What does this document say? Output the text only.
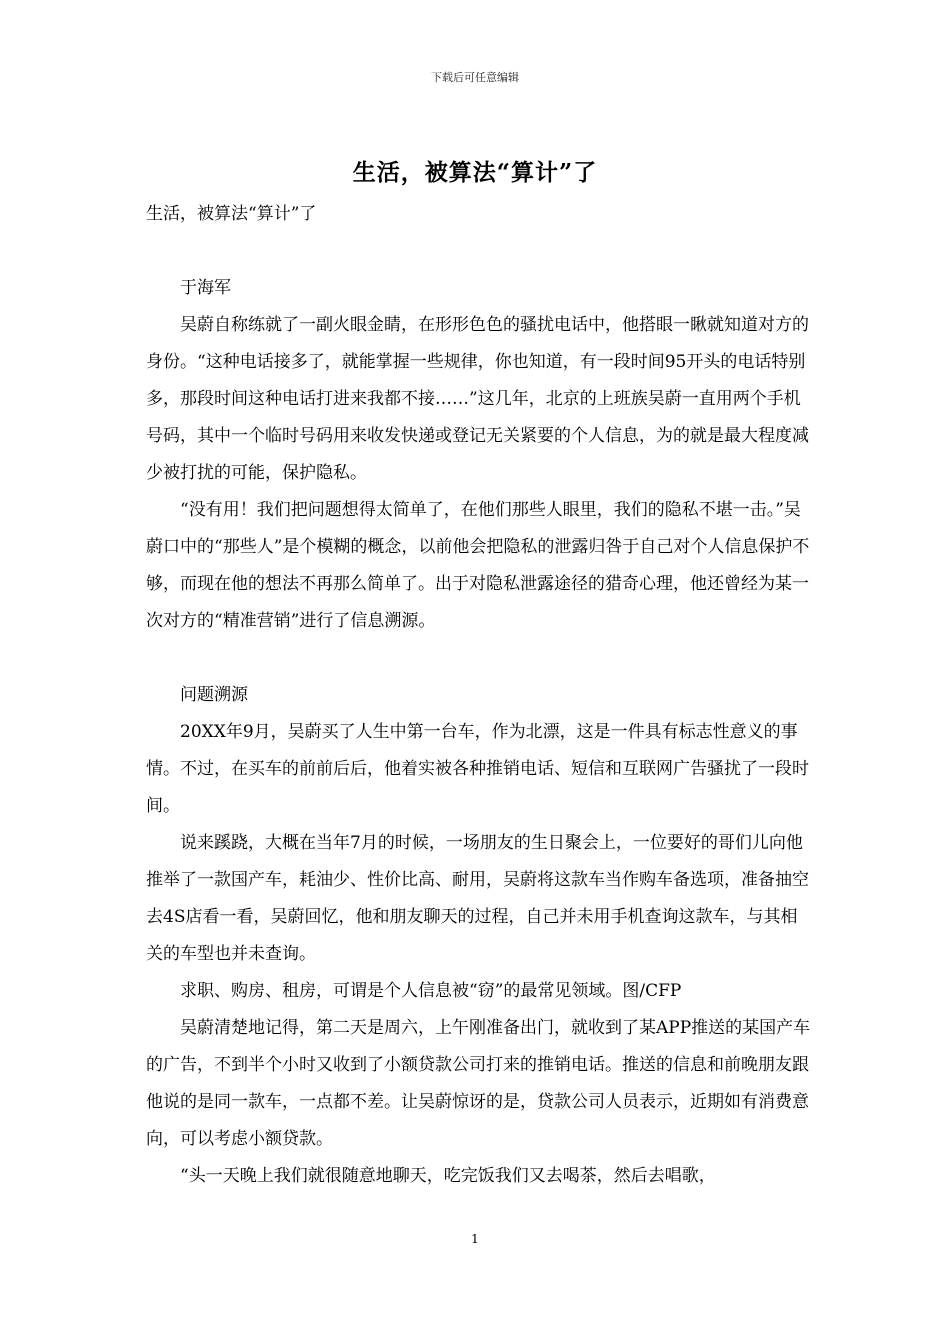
下载后可任意编辑
生活，被算法“算计”了

生活，被算法“算计”了

于海军

吴蔚自称练就了一副火眼金睛，在形形色色的骚扰电话中，他搭眼一瞅就知道对方的身份。“这种电话接多了，就能掌握一些规律，你也知道，有一段时间95开头的电话特别多，那段时间这种电话打进来我都不接……”这几年，北京的上班族吴蔚一直用两个手机号码，其中一个临时号码用来收发快递或登记无关紧要的个人信息，为的就是最大程度减少被打扰的可能，保护隐私。

“没有用！我们把问题想得太简单了，在他们那些人眼里，我们的隐私不堪一击。”吴蔚口中的“那些人”是个模糊的概念，以前他会把隐私的泄露归咎于自己对个人信息保护不够，而现在他的想法不再那么简单了。出于对隐私泄露途径的猎奇心理，他还曾经为某一次对方的“精准营销”进行了信息溯源。

问题溯源

20XX年9月，吴蔚买了人生中第一台车，作为北漂，这是一件具有标志性意义的事情。不过，在买车的前前后后，他着实被各种推销电话、短信和互联网广告骚扰了一段时间。

说来蹊跷，大概在当年7月的时候，一场朋友的生日聚会上，一位要好的哥们儿向他推举了一款国产车，耗油少、性价比高、耐用，吴蔚将这款车当作购车备选项，准备抽空去4S店看一看，吴蔚回忆，他和朋友聊天的过程，自己并未用手机查询这款车，与其相关的车型也并未查询。

求职、购房、租房，可谓是个人信息被“窃”的最常见领域。图/CFP

吴蔚清楚地记得，第二天是周六，上午刚准备出门，就收到了某APP推送的某国产车的广告，不到半个小时又收到了小额贷款公司打来的推销电话。推送的信息和前晚朋友跟他说的是同一款车，一点都不差。让吴蔚惊讶的是，贷款公司人员表示，近期如有消费意向，可以考虑小额贷款。

“头一天晚上我们就很随意地聊天，吃完饭我们又去喝茶，然后去唱歌，

1
